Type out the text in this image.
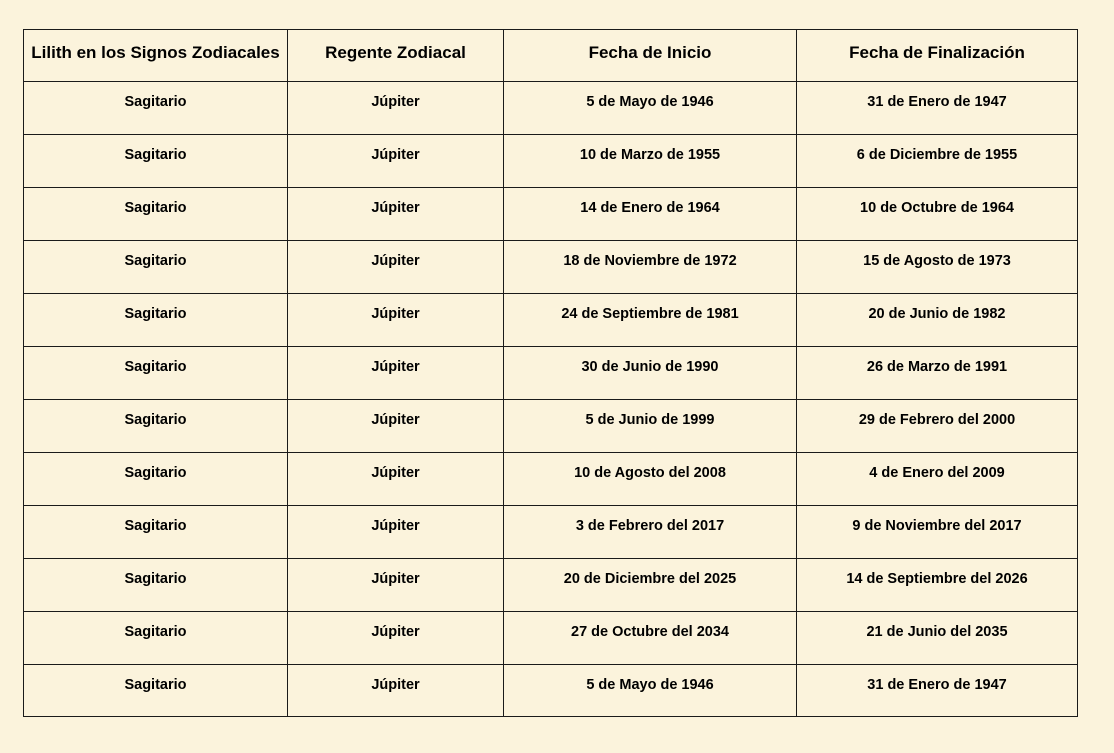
Lilith en los Signos Zodiacales	Regente Zodiacal	Fecha de Inicio	Fecha de Finalización
Sagitario	Júpiter	5 de Mayo de 1946	31 de Enero de 1947
Sagitario	Júpiter	10 de Marzo de 1955	6 de Diciembre de 1955
Sagitario	Júpiter	14 de Enero de 1964	10 de Octubre de 1964
Sagitario	Júpiter	18 de Noviembre de 1972	15 de Agosto de 1973
Sagitario	Júpiter	24 de Septiembre de 1981	20 de Junio de 1982
Sagitario	Júpiter	30 de Junio de 1990	26 de Marzo de 1991
Sagitario	Júpiter	5 de Junio de 1999	29 de Febrero del 2000
Sagitario	Júpiter	10 de Agosto del 2008	4 de Enero del 2009
Sagitario	Júpiter	3 de Febrero del 2017	9 de Noviembre del 2017
Sagitario	Júpiter	20 de Diciembre del 2025	14 de Septiembre del 2026
Sagitario	Júpiter	27 de Octubre del 2034	21 de Junio del 2035
Sagitario	Júpiter	5 de Mayo de 1946	31 de Enero de 1947
